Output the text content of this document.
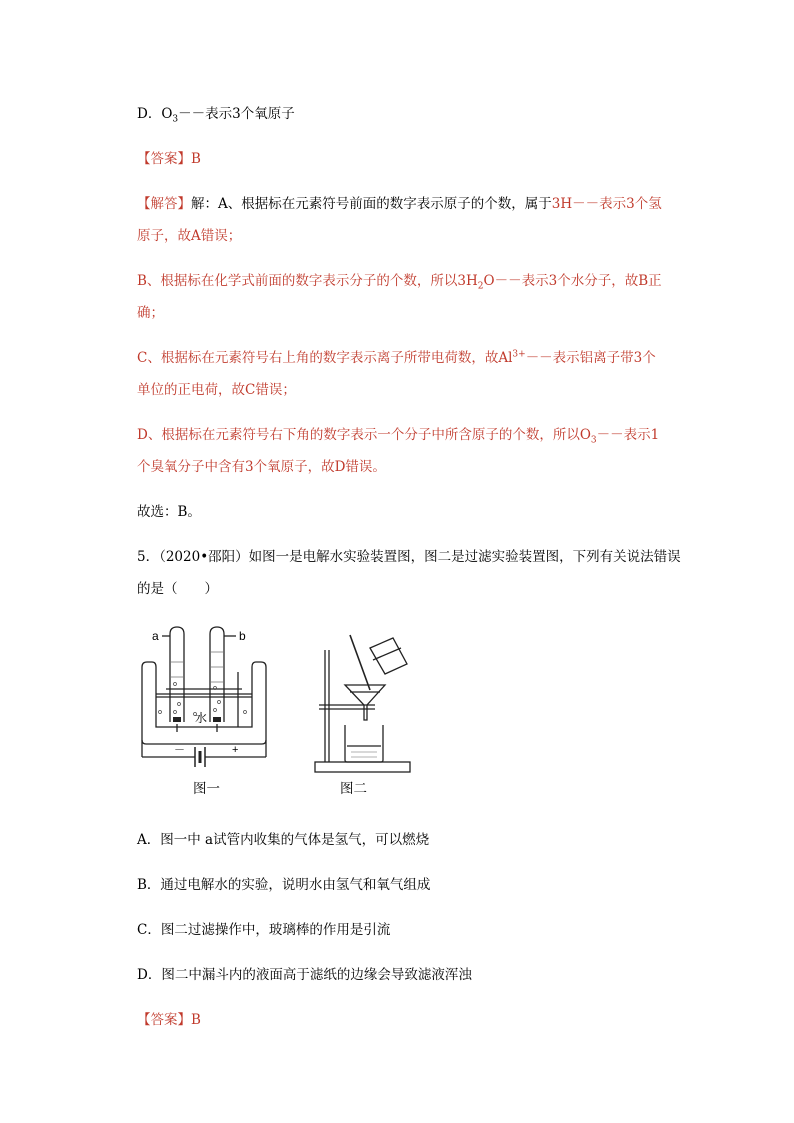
D．$O_3--$表示3个氧原子
【答案】B
【解答】解：A、根据标在元素符号前面的数字表示原子的个数，属于3H－－表示3个氢
原子，故A错误；
B、根据标在化学式前面的数字表示分子的个数，所以$3H_2O--$表示3个水分子，故B正
确；
C、根据标在元素符号右上角的数字表示离子所带电荷数，故$Al^{3+}--$表示铝离子带3个
单位的正电荷，故C错误；
D、根据标在元素符号右下角的数字表示一个分子中所含原子的个数，所以$O_3--$表示1
个臭氧分子中含有3个氧原子，故D错误。
故选：B。
5．（2020•邵阳）如图一是电解水实验装置图，图二是过滤实验装置图，下列有关说法错误
的是（　　）
a	b
水
－	+
图一	图二
A．图一中 a试管内收集的气体是氢气，可以燃烧
B．通过电解水的实验，说明水由氢气和氧气组成
C．图二过滤操作中，玻璃棒的作用是引流
D．图二中漏斗内的液面高于滤纸的边缘会导致滤液浑浊
【答案】B
